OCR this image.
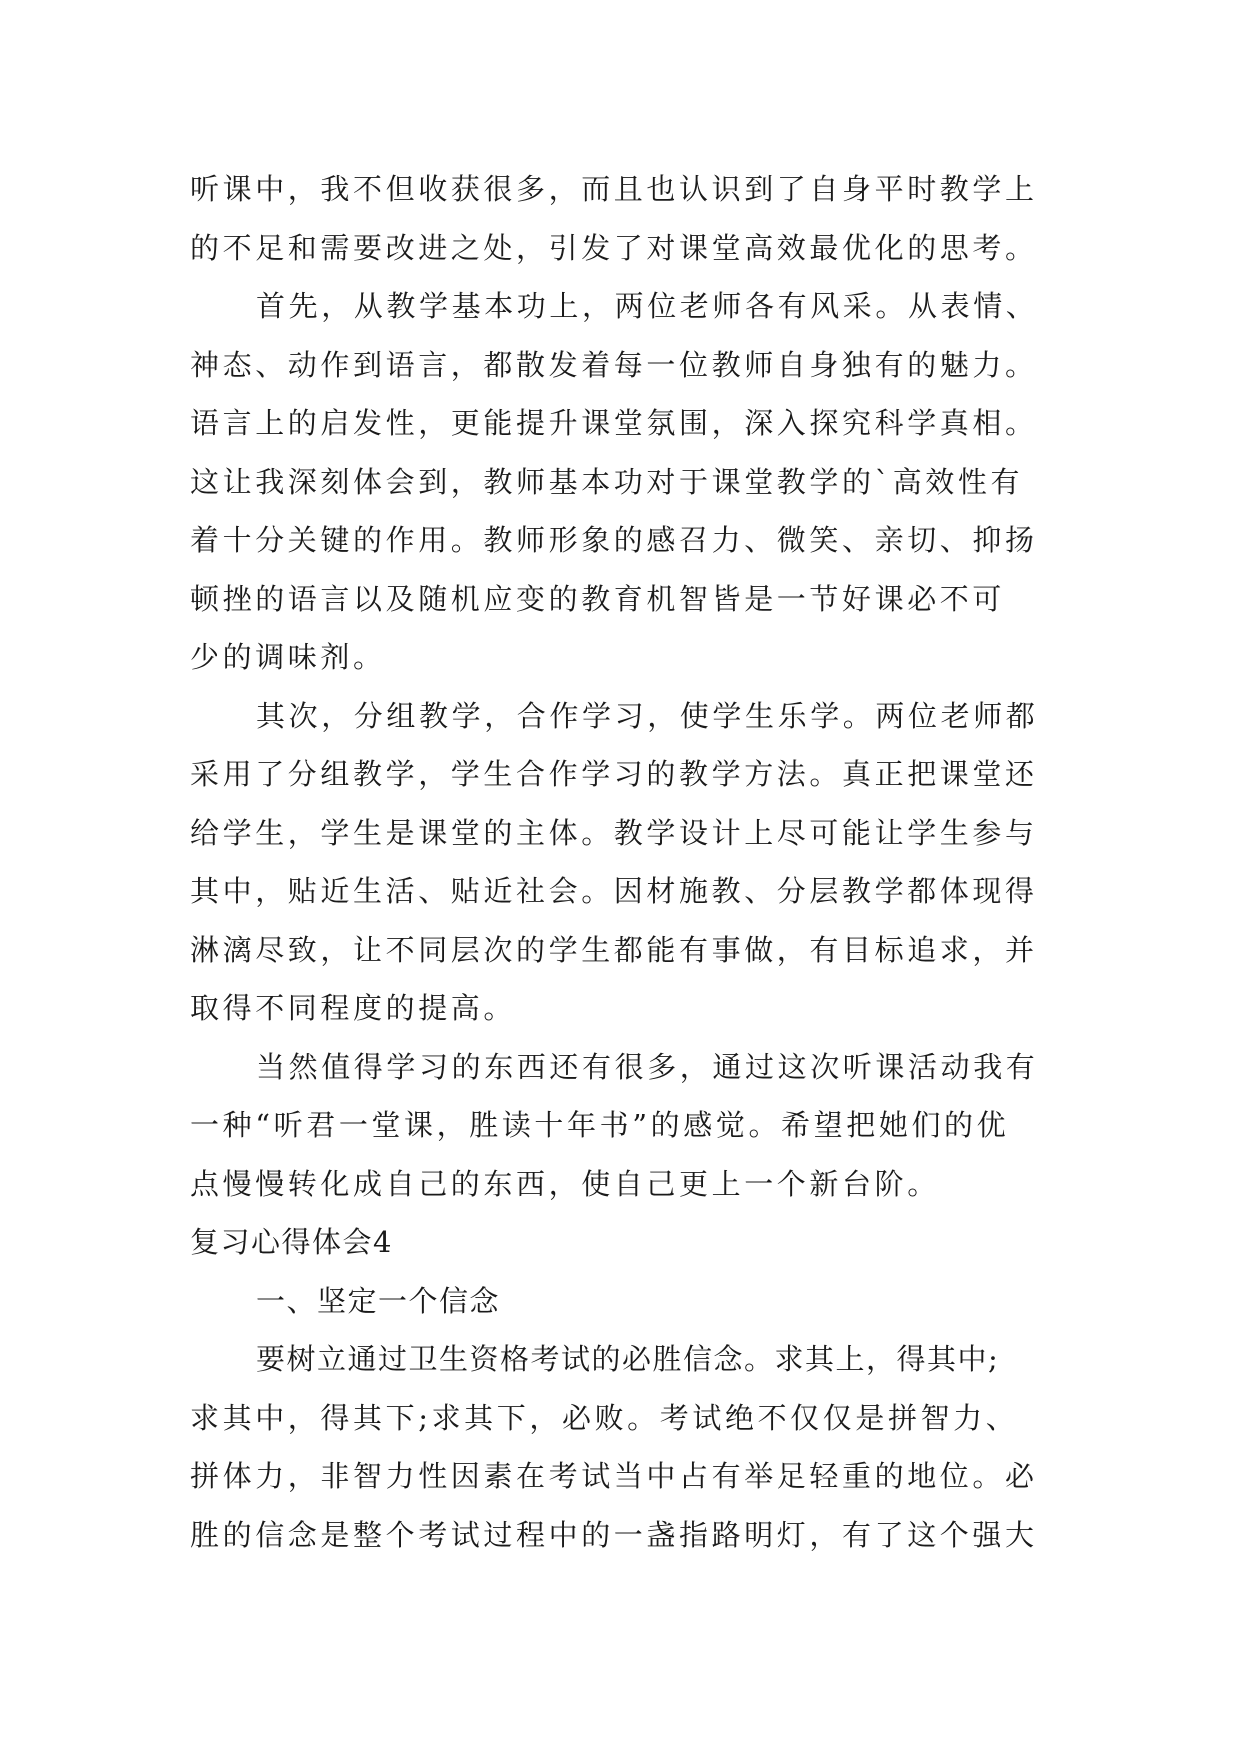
听课中，我不但收获很多，而且也认识到了自身平时教学上
的不足和需要改进之处，引发了对课堂高效最优化的思考。
首先，从教学基本功上，两位老师各有风采。从表情、
神态、动作到语言，都散发着每一位教师自身独有的魅力。
语言上的启发性，更能提升课堂氛围，深入探究科学真相。
这让我深刻体会到，教师基本功对于课堂教学的`高效性有
着十分关键的作用。教师形象的感召力、微笑、亲切、抑扬
顿挫的语言以及随机应变的教育机智皆是一节好课必不可
少的调味剂。
其次，分组教学，合作学习，使学生乐学。两位老师都
采用了分组教学，学生合作学习的教学方法。真正把课堂还
给学生，学生是课堂的主体。教学设计上尽可能让学生参与
其中，贴近生活、贴近社会。因材施教、分层教学都体现得
淋漓尽致，让不同层次的学生都能有事做，有目标追求，并
取得不同程度的提高。
当然值得学习的东西还有很多，通过这次听课活动我有
一种“听君一堂课，胜读十年书”的感觉。希望把她们的优
点慢慢转化成自己的东西，使自己更上一个新台阶。
复习心得体会4
一、坚定一个信念
要树立通过卫生资格考试的必胜信念。求其上，得其中;
求其中，得其下;求其下，必败。考试绝不仅仅是拼智力、
拼体力，非智力性因素在考试当中占有举足轻重的地位。必
胜的信念是整个考试过程中的一盏指路明灯，有了这个强大
